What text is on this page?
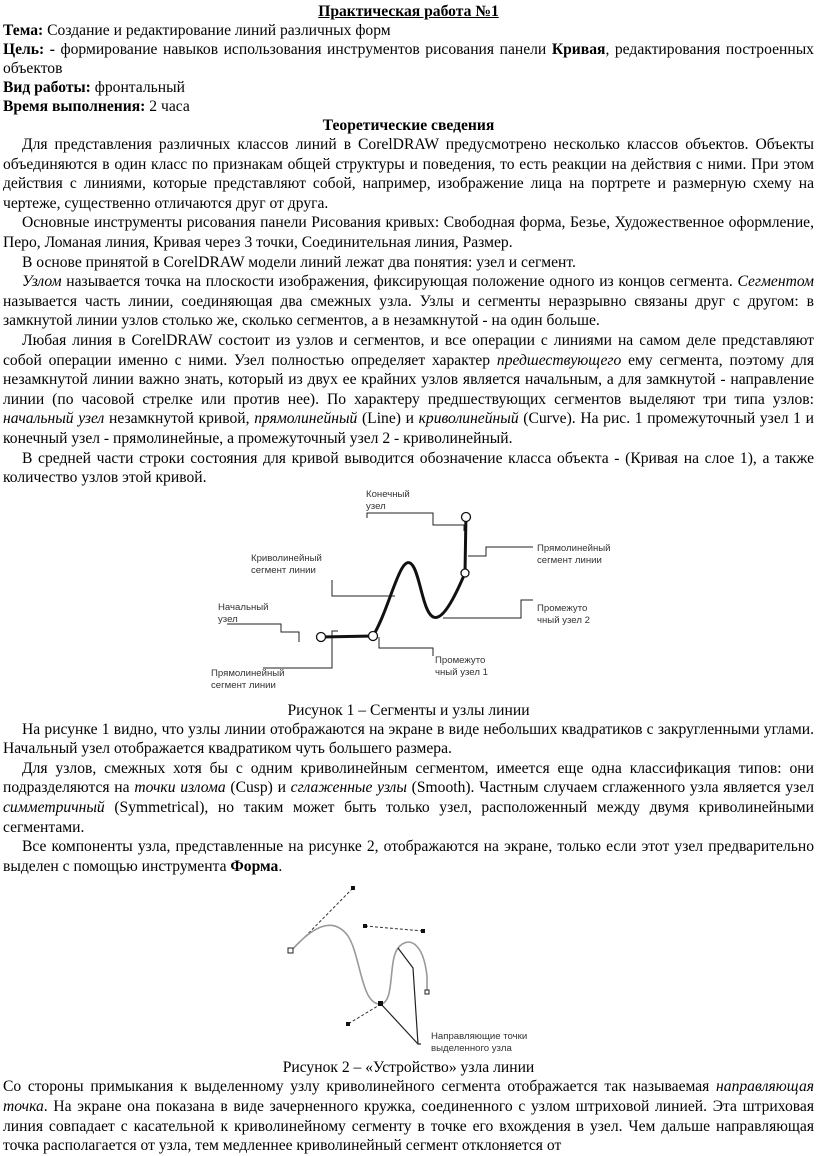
Практическая работа №1

Тема: Создание и редактирование линий различных форм

Цель: - формирование навыков использования инструментов рисования панели Кривая, редактирования построенных объектов

Вид работы: фронтальный

Время выполнения: 2 часа

Теоретические сведения

Для представления различных классов линий в CorelDRAW предусмотрено несколько классов объектов. Объекты объединяются в один класс по признакам общей структуры и поведения, то есть реакции на действия с ними. При этом действия с линиями, которые представляют собой, например, изображение лица на портрете и размерную схему на чертеже, существенно отличаются друг от друга.

Основные инструменты рисования панели Рисования кривых: Свободная форма, Безье, Художественное оформление, Перо, Ломаная линия, Кривая через 3 точки, Соединительная линия, Размер.

В основе принятой в CorelDRAW модели линий лежат два понятия: узел и сегмент.

Узлом называется точка на плоскости изображения, фиксирующая положение одного из концов сегмента. Сегментом называется часть линии, соединяющая два смежных узла. Узлы и сегменты неразрывно связаны друг с другом: в замкнутой линии узлов столько же, сколько сегментов, а в незамкнутой - на один больше.

Любая линия в CorelDRAW состоит из узлов и сегментов, и все операции с линиями на самом деле представляют собой операции именно с ними. Узел полностью определяет характер предшествующего ему сегмента, поэтому для незамкнутой линии важно знать, который из двух ее крайних узлов является начальным, а для замкнутой - направление линии (по часовой стрелке или против нее). По характеру предшествующих сегментов выделяют три типа узлов: начальный узел незамкнутой кривой, прямолинейный (Line) и криволинейный (Curve). На рис. 1 промежуточный узел 1 и конечный узел - прямолинейные, а промежуточный узел 2 - криволинейный.

В средней части строки состояния для кривой выводится обозначение класса объекта - (Кривая на слое 1), а также количество узлов этой кривой.

Конечный
узел
Криволинейный
сегмент линии
Прямолинейный
сегмент линии
Начальный
узел
Промежуто
чный узел 2
Прямолинейный
сегмент линии
Промежуто
чный узел 1

Рисунок 1 – Сегменты и узлы линии

На рисунке 1 видно, что узлы линии отображаются на экране в виде небольших квадратиков с закругленными углами. Начальный узел отображается квадратиком чуть большего размера.

Для узлов, смежных хотя бы с одним криволинейным сегментом, имеется еще одна классификация типов: они подразделяются на точки излома (Cusp) и сглаженные узлы (Smooth). Частным случаем сглаженного узла является узел симметричный (Symmetrical), но таким может быть только узел, расположенный между двумя криволинейными сегментами.

Все компоненты узла, представленные на рисунке 2, отображаются на экране, только если этот узел предварительно выделен с помощью инструмента Форма.

Направляющие точки
выделенного узла

Рисунок 2 – «Устройство» узла линии

Со стороны примыкания к выделенному узлу криволинейного сегмента отображается так называемая направляющая точка. На экране она показана в виде зачерненного кружка, соединенного с узлом штриховой линией. Эта штриховая линия совпадает с касательной к криволинейному сегменту в точке его вхождения в узел. Чем дальше направляющая точка располагается от узла, тем медленнее криволинейный сегмент отклоняется от
